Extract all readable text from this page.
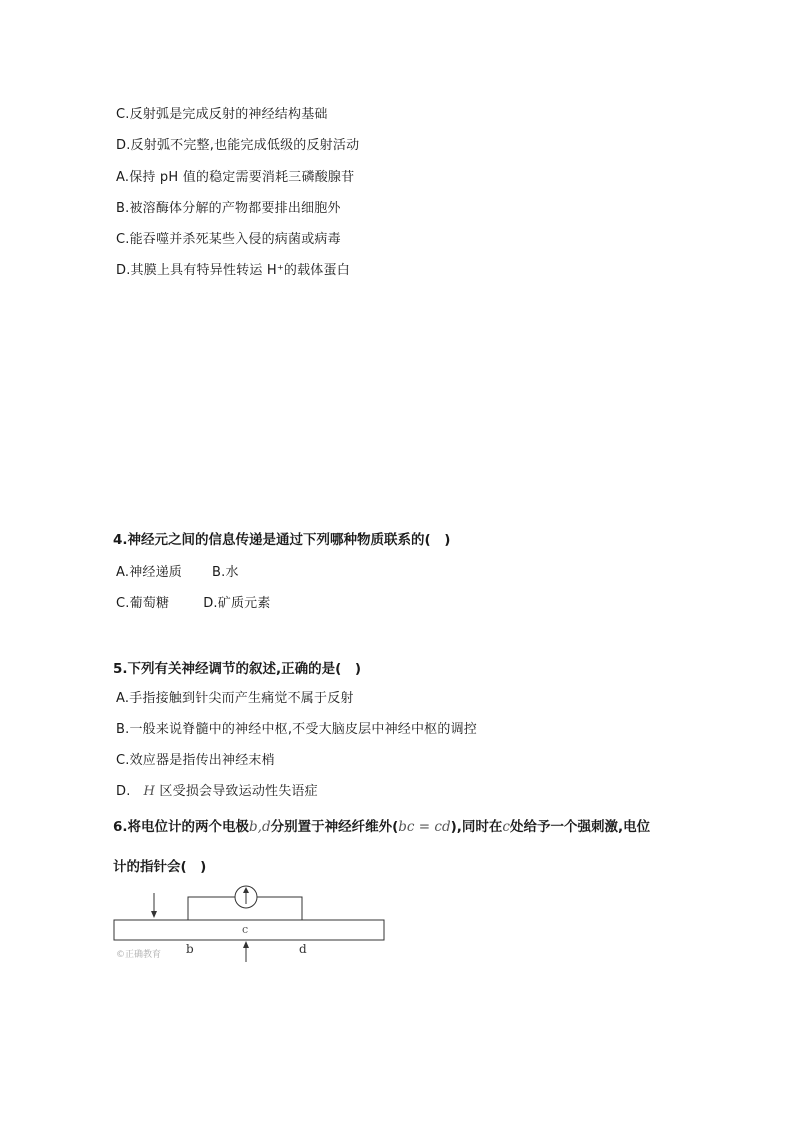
C.反射弧是完成反射的神经结构基础
D.反射弧不完整,也能完成低级的反射活动
A.保持 pH 值的稳定需要消耗三磷酸腺苷
B.被溶酶体分解的产物都要排出细胞外
C.能吞噬并杀死某些入侵的病菌或病毒
D.其膜上具有特异性转运 H⁺的载体蛋白
4.神经元之间的信息传递是通过下列哪种物质联系的(　)
A.神经递质 B.水
C.葡萄糖	D.矿质元素
5.下列有关神经调节的叙述,正确的是(　)
A.手指接触到针尖而产生痛觉不属于反射
B.一般来说脊髓中的神经中枢,不受大脑皮层中神经中枢的调控
C.效应器是指传出神经末梢
D. H 区受损会导致运动性失语症
6.将电位计的两个电极b,d分别置于神经纤维外(bc = cd),同时在c处给予一个强刺激,电位
计的指针会(　)
c
b	d
©正确教育
